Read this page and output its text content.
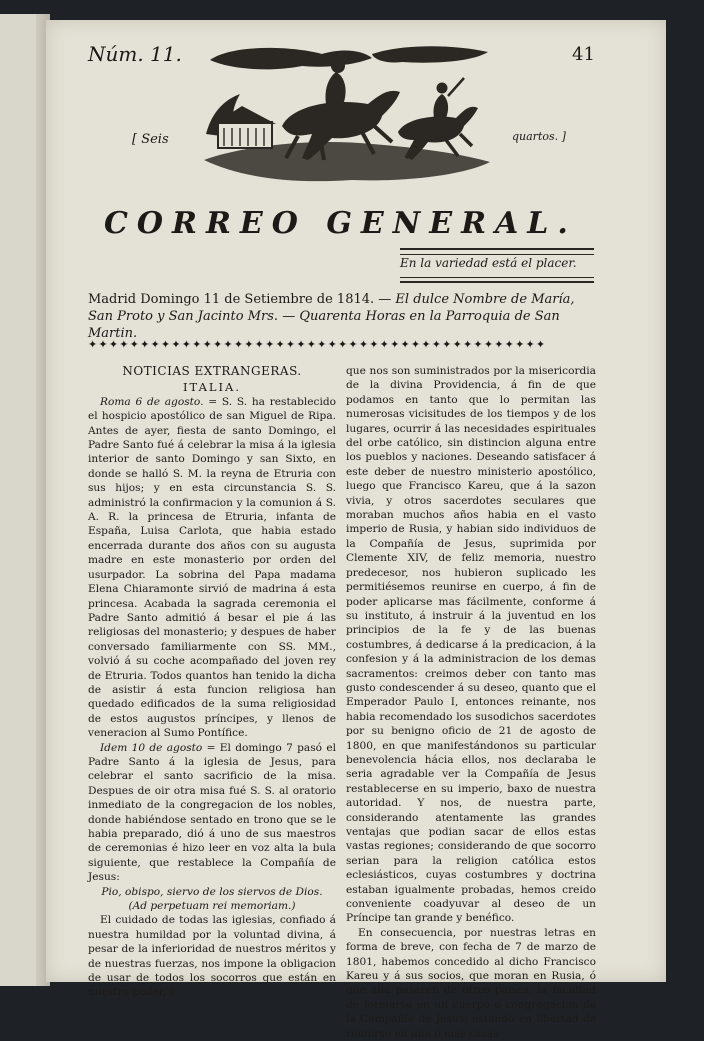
Núm. 11.	41
[ Seis	quartos. ]
CORREO GENERAL.
En la variedad está el placer.
Madrid Domingo 11 de Setiembre de 1814. — El dulce Nombre de María, San Proto y San Jacinto Mrs. — Quarenta Horas en la Parroquia de San Martin.
✦✦✦✦✦✦✦✦✦✦✦✦✦✦✦✦✦✦✦✦✦✦✦✦✦✦✦✦✦✦✦✦✦✦✦✦✦✦✦✦✦✦✦✦
NOTICIAS EXTRANGERAS.
ITALIA.

Roma 6 de agosto. = S. S. ha restablecido el hospicio apostólico de san Miguel de Ripa. Antes de ayer, fiesta de santo Domingo, el Padre Santo fué á celebrar la misa á la iglesia interior de santo Domingo y san Sixto, en donde se halló S. M. la reyna de Etruria con sus hijos; y en esta circunstancia S. S. administró la confirmacion y la comunion á S. A. R. la princesa de Etruria, infanta de España, Luisa Carlota, que habia estado encerrada durante dos años con su augusta madre en este monasterio por orden del usurpador. La sobrina del Papa madama Elena Chiaramonte sirvió de madrina á esta princesa. Acabada la sagrada ceremonia el Padre Santo admitió á besar el pie á las religiosas del monasterio; y despues de haber conversado familiarmente con SS. MM., volvió á su coche acompañado del joven rey de Etruria. Todos quantos han tenido la dicha de asistir á esta funcion religiosa han quedado edificados de la suma religiosidad de estos augustos príncipes, y llenos de veneracion al Sumo Pontífice.

Idem 10 de agosto = El domingo 7 pasó el Padre Santo á la iglesia de Jesus, para celebrar el santo sacrificio de la misa. Despues de oir otra misa fué S. S. al oratorio inmediato de la congregacion de los nobles, donde habiéndose sentado en trono que se le habia preparado, dió á uno de sus maestros de ceremonias é hizo leer en voz alta la bula siguiente, que restablece la Compañía de Jesus:

Pio, obispo, siervo de los siervos de Dios.

(Ad perpetuam rei memoriam.)

El cuidado de todas las iglesias, confiado á nuestra humildad por la voluntad divina, á pesar de la inferioridad de nuestros méritos y de nuestras fuerzas, nos impone la obligacion de usar de todos los socorros que están en nuestro poder, y

que nos son suministrados por la misericordia de la divina Providencia, á fin de que podamos en tanto que lo permitan las numerosas vicisitudes de los tiempos y de los lugares, ocurrir á las necesidades espirituales del orbe católico, sin distincion alguna entre los pueblos y naciones. Deseando satisfacer á este deber de nuestro ministerio apostólico, luego que Francisco Kareu, que á la sazon vivia, y otros sacerdotes seculares que moraban muchos años habia en el vasto imperio de Rusia, y habian sido individuos de la Compañía de Jesus, suprimida por Clemente XIV, de feliz memoria, nuestro predecesor, nos hubieron suplicado les permitiésemos reunirse en cuerpo, á fin de poder aplicarse mas fácilmente, conforme á su instituto, á instruir á la juventud en los principios de la fe y de las buenas costumbres, á dedicarse á la predicacion, á la confesion y á la administracion de los demas sacramentos: creimos deber con tanto mas gusto condescender á su deseo, quanto que el Emperador Paulo I, entonces reinante, nos habia recomendado los susodichos sacerdotes por su benigno oficio de 21 de agosto de 1800, en que manifestándonos su particular benevolencia hácia ellos, nos declaraba le seria agradable ver la Compañía de Jesus restablecerse en su imperio, baxo de nuestra autoridad. Y nos, de nuestra parte, considerando atentamente las grandes ventajas que podian sacar de ellos estas vastas regiones; considerando de que socorro serian para la religion católica estos eclesiásticos, cuyas costumbres y doctrina estaban igualmente probadas, hemos creido conveniente coadyuvar al deseo de un Príncipe tan grande y benéfico.

En consecuencia, por nuestras letras en forma de breve, con fecha de 7 de marzo de 1801, habemos concedido al dicho Francisco Kareu y á sus socios, que moran en Rusia, ó que allá pasaren de otros paises, la facultad de formarse en un cuerpo ó congregacion de la Compañía de Jesus: estando en libertad de reunirse en una ó mas casas
